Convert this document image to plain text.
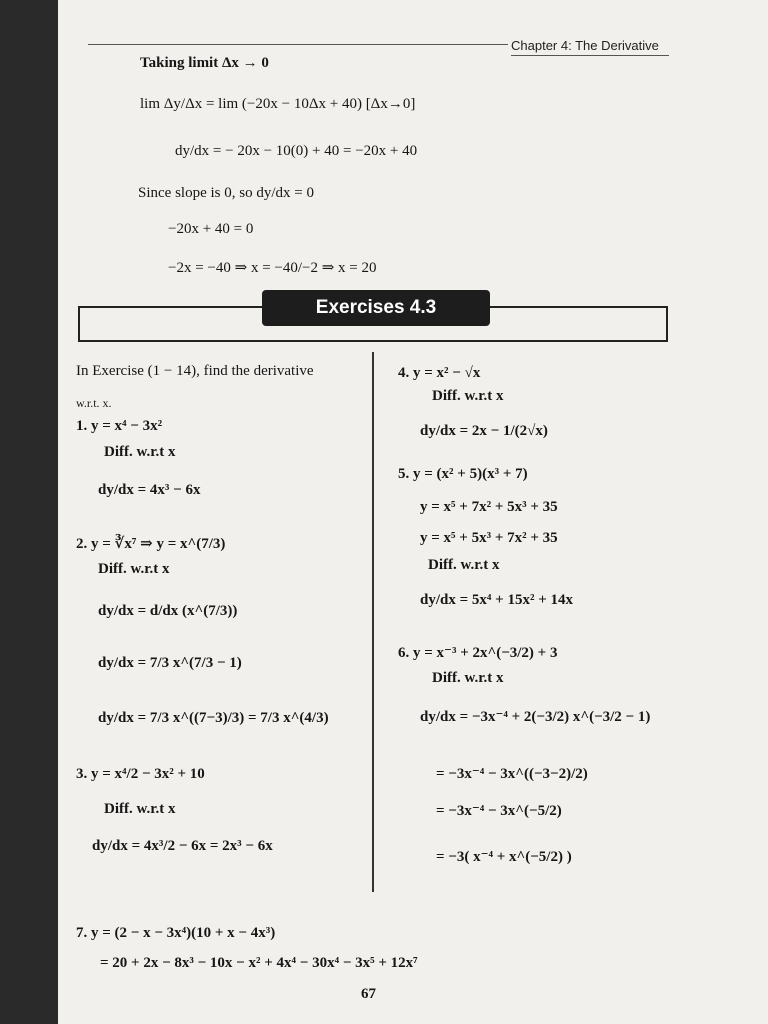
Chapter 4: The Derivative
Taking limit Δx → 0
lim Δy/Δx = lim (−20x − 10Δx + 40) [Δx→0]
dy/dx = − 20x − 10(0) + 40 = −20x + 40
Since slope is 0, so dy/dx = 0
−20x + 40 = 0
−2x = −40 ⇒ x = −40/−2 ⇒ x = 20
Exercises 4.3
In Exercise (1 − 14), find the derivative
w.r.t. x.
1. y = x⁴ − 3x²
Diff. w.r.t x
dy/dx = 4x³ − 6x
2. y = ∛x⁷ ⇒ y = x^(7/3)
Diff. w.r.t x
dy/dx = d/dx (x^(7/3))
dy/dx = 7/3 x^(7/3 − 1)
dy/dx = 7/3 x^((7−3)/3) = 7/3 x^(4/3)
3. y = x⁴/2 − 3x² + 10
Diff. w.r.t x
dy/dx = 4x³/2 − 6x = 2x³ − 6x
4. y = x² − √x
Diff. w.r.t x
dy/dx = 2x − 1/(2√x)
5. y = (x² + 5)(x³ + 7)
y = x⁵ + 7x² + 5x³ + 35
y = x⁵ + 5x³ + 7x² + 35
Diff. w.r.t x
dy/dx = 5x⁴ + 15x² + 14x
6. y = x⁻³ + 2x^(−3/2) + 3
Diff. w.r.t x
dy/dx = −3x⁻⁴ + 2(−3/2) x^(−3/2 − 1)
= −3x⁻⁴ − 3x^((−3−2)/2)
= −3x⁻⁴ − 3x^(−5/2)
= −3( x⁻⁴ + x^(−5/2) )
7. y = (2 − x − 3x⁴)(10 + x − 4x³)
= 20 + 2x − 8x³ − 10x − x² + 4x⁴ − 30x⁴ − 3x⁵ + 12x⁷
67
